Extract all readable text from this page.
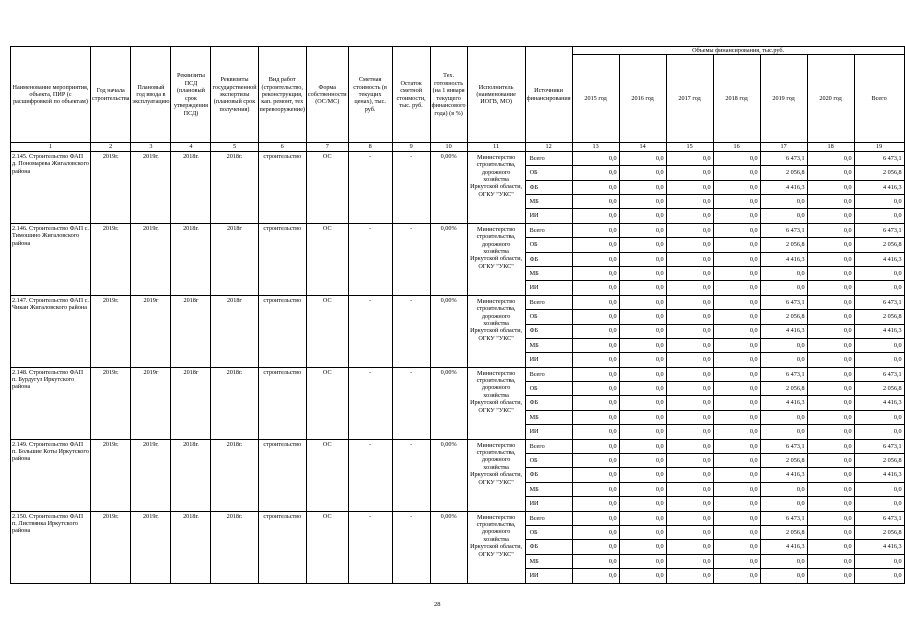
Наименование мероприятия, объекта, ПИР (с расшифровкой по объектам)	Год начала строительства	Плановый год ввода в эксплуатацию	Реквизиты ПСД (плановый срок утверждения ПСД)	Реквизиты государственной экспертизы (плановый срок получения)	Вид работ (строительство, реконструкция, кап. ремонт, тех перевооружение)	Форма собственности (ОС/МС)	Сметная стоимость (в текущих ценах), тыс. руб.	Остаток сметной стоимости, тыс. руб.	Тех. готовность (на 1 января текущего финансового года) (в %)	Исполнитель (наименование ИОГВ, МО)	Источники финансирования	Объемы финансирования, тыс.руб.						
												2015 год	2016 год	2017 год	2018 год	2019 год	2020 год	Всего
1	2	3	4	5	6	7	8	9	10	11	12	13	14	15	16	17	18	19
2.145. Строительство ФАП д. Пономарева Жигаловского района	2019г.	2019г.	2018г.	2018г.	строительство	ОС	-	-	0,00%	Министерство строительства, дорожного хозяйства Иркутской области, ОГКУ "УКС"	Всего	0,0	0,0	0,0	0,0	6 473,1	0,0	6 473,1
											ОБ	0,0	0,0	0,0	0,0	2 056,8	0,0	2 056,8
											ФБ	0,0	0,0	0,0	0,0	4 416,3	0,0	4 416,3
											МБ	0,0	0,0	0,0	0,0	0,0	0,0	0,0
											ИИ	0,0	0,0	0,0	0,0	0,0	0,0	0,0
2.146. Строительство ФАП с. Тимошино Жигаловского района	2019г.	2019г.	2018г.	2018г	строительство	ОС	-	-	0,00%	Министерство строительства, дорожного хозяйства Иркутской области, ОГКУ "УКС"	Всего	0,0	0,0	0,0	0,0	6 473,1	0,0	6 473,1
											ОБ	0,0	0,0	0,0	0,0	2 056,8	0,0	2 056,8
											ФБ	0,0	0,0	0,0	0,0	4 416,3	0,0	4 416,3
											МБ	0,0	0,0	0,0	0,0	0,0	0,0	0,0
											ИИ	0,0	0,0	0,0	0,0	0,0	0,0	0,0
2.147. Строительство ФАП с. Чикан Жигаловского района	2019г.	2019г	2018г	2018г	строительство	ОС	-	-	0,00%	Министерство строительства, дорожного хозяйства Иркутской области, ОГКУ "УКС"	Всего	0,0	0,0	0,0	0,0	6 473,1	0,0	6 473,1
											ОБ	0,0	0,0	0,0	0,0	2 056,8	0,0	2 056,8
											ФБ	0,0	0,0	0,0	0,0	4 416,3	0,0	4 416,3
											МБ	0,0	0,0	0,0	0,0	0,0	0,0	0,0
											ИИ	0,0	0,0	0,0	0,0	0,0	0,0	0,0
2.148. Строительство ФАП п. Бурдугуз Иркутского района	2019г.	2019г	2018г	2018г.	строительство	ОС	-	-	0,00%	Министерство строительства, дорожного хозяйства Иркутской области, ОГКУ "УКС"	Всего	0,0	0,0	0,0	0,0	6 473,1	0,0	6 473,1
											ОБ	0,0	0,0	0,0	0,0	2 056,8	0,0	2 056,8
											ФБ	0,0	0,0	0,0	0,0	4 416,3	0,0	4 416,3
											МБ	0,0	0,0	0,0	0,0	0,0	0,0	0,0
											ИИ	0,0	0,0	0,0	0,0	0,0	0,0	0,0
2.149. Строительство ФАП п. Большие Коты Иркутского района	2019г.	2019г.	2018г.	2018г.	строительство	ОС	-	-	0,00%	Министерство строительства, дорожного хозяйства Иркутской области, ОГКУ "УКС"	Всего	0,0	0,0	0,0	0,0	6 473,1	0,0	6 473,1
											ОБ	0,0	0,0	0,0	0,0	2 056,8	0,0	2 056,8
											ФБ	0,0	0,0	0,0	0,0	4 416,3	0,0	4 416,3
											МБ	0,0	0,0	0,0	0,0	0,0	0,0	0,0
											ИИ	0,0	0,0	0,0	0,0	0,0	0,0	0,0
2.150. Строительство ФАП п. Листвянка Иркутского района	2019г.	2019г.	2018г.	2018г.	строительство	ОС	-	-	0,00%	Министерство строительства, дорожного хозяйства Иркутской области, ОГКУ "УКС"	Всего	0,0	0,0	0,0	0,0	6 473,1	0,0	6 473,1
											ОБ	0,0	0,0	0,0	0,0	2 056,8	0,0	2 056,8
											ФБ	0,0	0,0	0,0	0,0	4 416,3	0,0	4 416,3
											МБ	0,0	0,0	0,0	0,0	0,0	0,0	0,0
											ИИ	0,0	0,0	0,0	0,0	0,0	0,0	0,0
28
